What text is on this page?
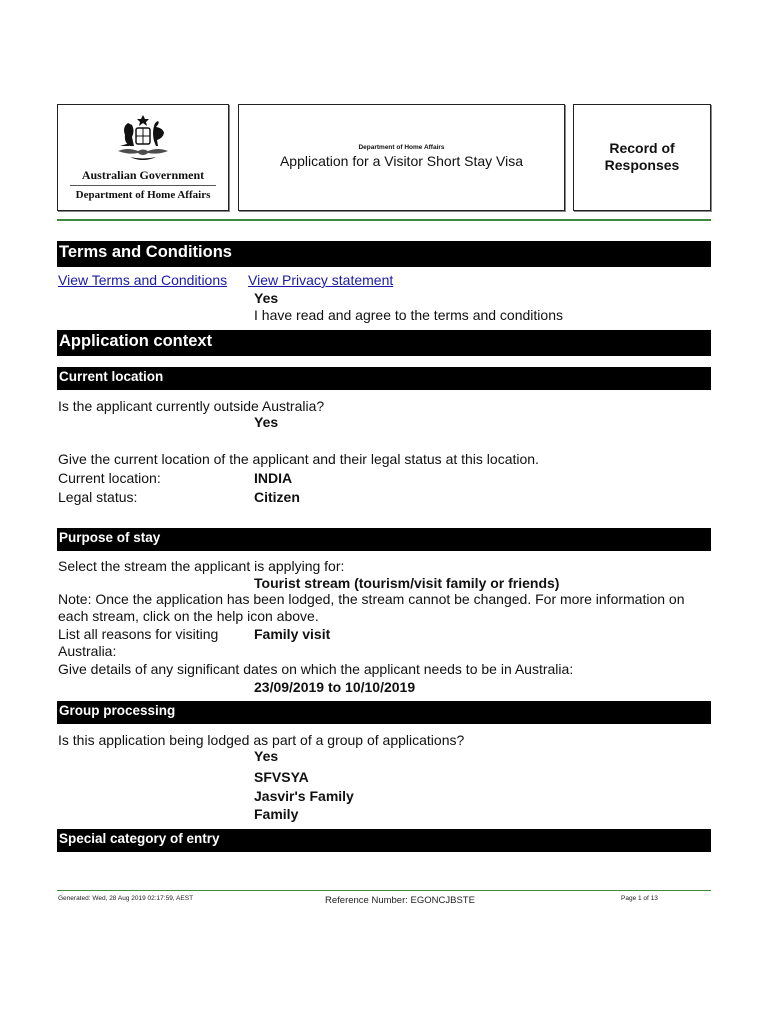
Australian Government
Department of Home Affairs
Department of Home Affairs
Application for a Visitor Short Stay Visa
Record of Responses
Terms and Conditions
View Terms and Conditions View Privacy statement
Yes
I have read and agree to the terms and conditions
Application context
Current location
Is the applicant currently outside Australia?
Yes
Give the current location of the applicant and their legal status at this location.
Current location:	INDIA
Legal status:	Citizen
Purpose of stay
Select the stream the applicant is applying for:
Tourist stream (tourism/visit family or friends)
Note: Once the application has been lodged, the stream cannot be changed. For more information on each stream, click on the help icon above.
List all reasons for visiting	Family visit
Australia:
Give details of any significant dates on which the applicant needs to be in Australia:
23/09/2019 to 10/10/2019
Group processing
Is this application being lodged as part of a group of applications?
Yes
SFVSYA
Jasvir's Family
Family
Special category of entry
Generated: Wed, 28 Aug 2019 02:17:59, AEST	Reference Number: EGONCJBSTE	Page 1 of 13
